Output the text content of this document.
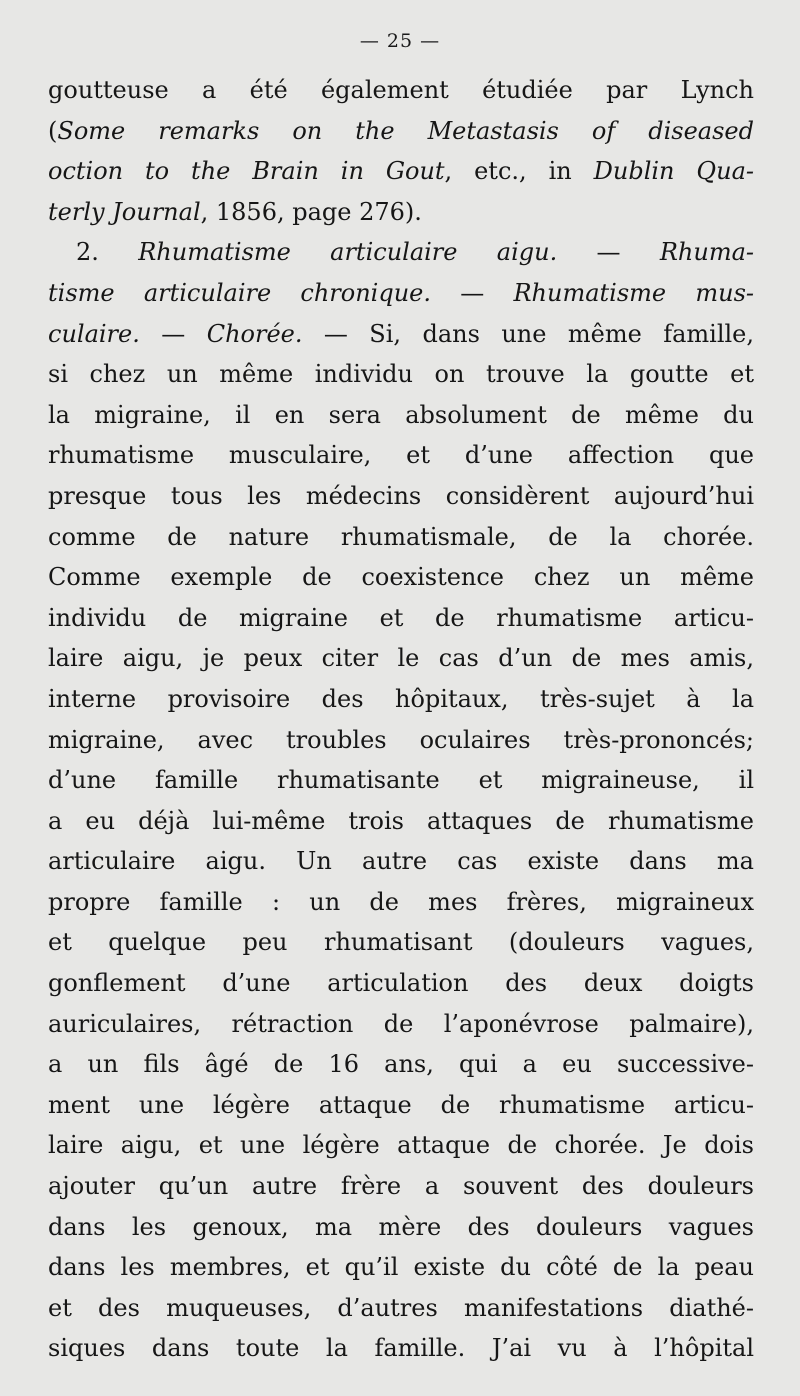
— 25 —
goutteuse a été également étudiée par Lynch
(Some remarks on the Metastasis of diseased
oction to the Brain in Gout, etc., in Dublin Qua-
terly Journal, 1856, page 276).
2. Rhumatisme articulaire aigu. — Rhuma-
tisme articulaire chronique. — Rhumatisme mus-
culaire. — Chorée. — Si, dans une même famille,
si chez un même individu on trouve la goutte et
la migraine, il en sera absolument de même du
rhumatisme musculaire, et d’une affection que
presque tous les médecins considèrent aujourd’hui
comme de nature rhumatismale, de la chorée.
Comme exemple de coexistence chez un même
individu de migraine et de rhumatisme articu-
laire aigu, je peux citer le cas d’un de mes amis,
interne provisoire des hôpitaux, très-sujet à la
migraine, avec troubles oculaires très-prononcés;
d’une famille rhumatisante et migraineuse, il
a eu déjà lui-même trois attaques de rhumatisme
articulaire aigu. Un autre cas existe dans ma
propre famille : un de mes frères, migraineux
et quelque peu rhumatisant (douleurs vagues,
gonflement d’une articulation des deux doigts
auriculaires, rétraction de l’aponévrose palmaire),
a un fils âgé de 16 ans, qui a eu successive-
ment une légère attaque de rhumatisme articu-
laire aigu, et une légère attaque de chorée. Je dois
ajouter qu’un autre frère a souvent des douleurs
dans les genoux, ma mère des douleurs vagues
dans les membres, et qu’il existe du côté de la peau
et des muqueuses, d’autres manifestations diathé-
siques dans toute la famille. J’ai vu à l’hôpital
